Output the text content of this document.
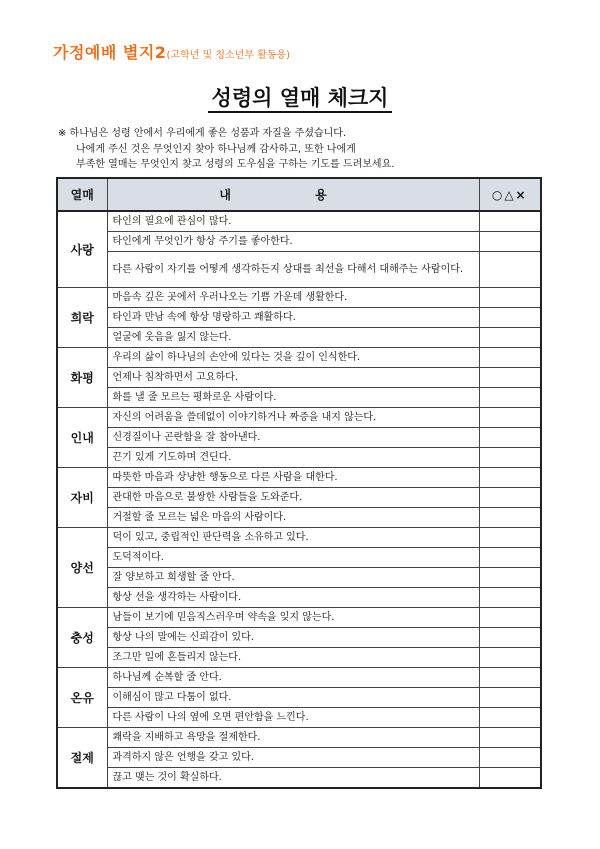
가정예배 별지2(고학년 및 청소년부 활동용)
성령의 열매 체크지
※ 하나님은 성령 안에서 우리에게 좋은 성품과 자질을 주셨습니다.
나에게 주신 것은 무엇인지 찾아 하나님께 감사하고, 또한 나에게
부족한 열매는 무엇인지 찾고 성령의 도우심을 구하는 기도를 드려보세요.
열매	내 용	○△×
사랑	타인의 필요에 관심이 많다.	
	타인에게 무엇인가 항상 주기를 좋아한다.	
	다른 사람이 자기를 어떻게 생각하든지 상대를 최선을 다해서 대해주는 사람이다.	
희락	마음속 깊은 곳에서 우러나오는 기쁨 가운데 생활한다.	
	타인과 만남 속에 항상 명랑하고 쾌활하다.	
	얼굴에 웃음을 잃지 않는다.	
화평	우리의 삶이 하나님의 손안에 있다는 것을 깊이 인식한다.	
	언제나 침착하면서 고요하다.	
	화를 낼 줄 모르는 평화로운 사람이다.	
인내	자신의 어려움을 쓸데없이 이야기하거나 짜증을 내지 않는다.	
	신경질이나 곤란함을 잘 참아낸다.	
	끈기 있게 기도하며 견딘다.	
자비	따뜻한 마음과 상냥한 행동으로 다른 사람을 대한다.	
	관대한 마음으로 불쌍한 사람들을 도와준다.	
	거절할 줄 모르는 넓은 마음의 사람이다.	
양선	덕이 있고, 중립적인 판단력을 소유하고 있다.	
	도덕적이다.	
	잘 양보하고 희생할 줄 안다.	
	항상 선을 생각하는 사람이다.	
충성	남들이 보기에 믿음직스러우며 약속을 잊지 않는다.	
	항상 나의 말에는 신뢰감이 있다.	
	조그만 일에 흔들리지 않는다.	
온유	하나님께 순복할 줄 안다.	
	이해심이 많고 다툼이 없다.	
	다른 사람이 나의 옆에 오면 편안함을 느낀다.	
절제	쾌락을 지배하고 욕망을 절제한다.	
	과격하지 않은 언행을 갖고 있다.	
	끊고 맺는 것이 확실하다.	
